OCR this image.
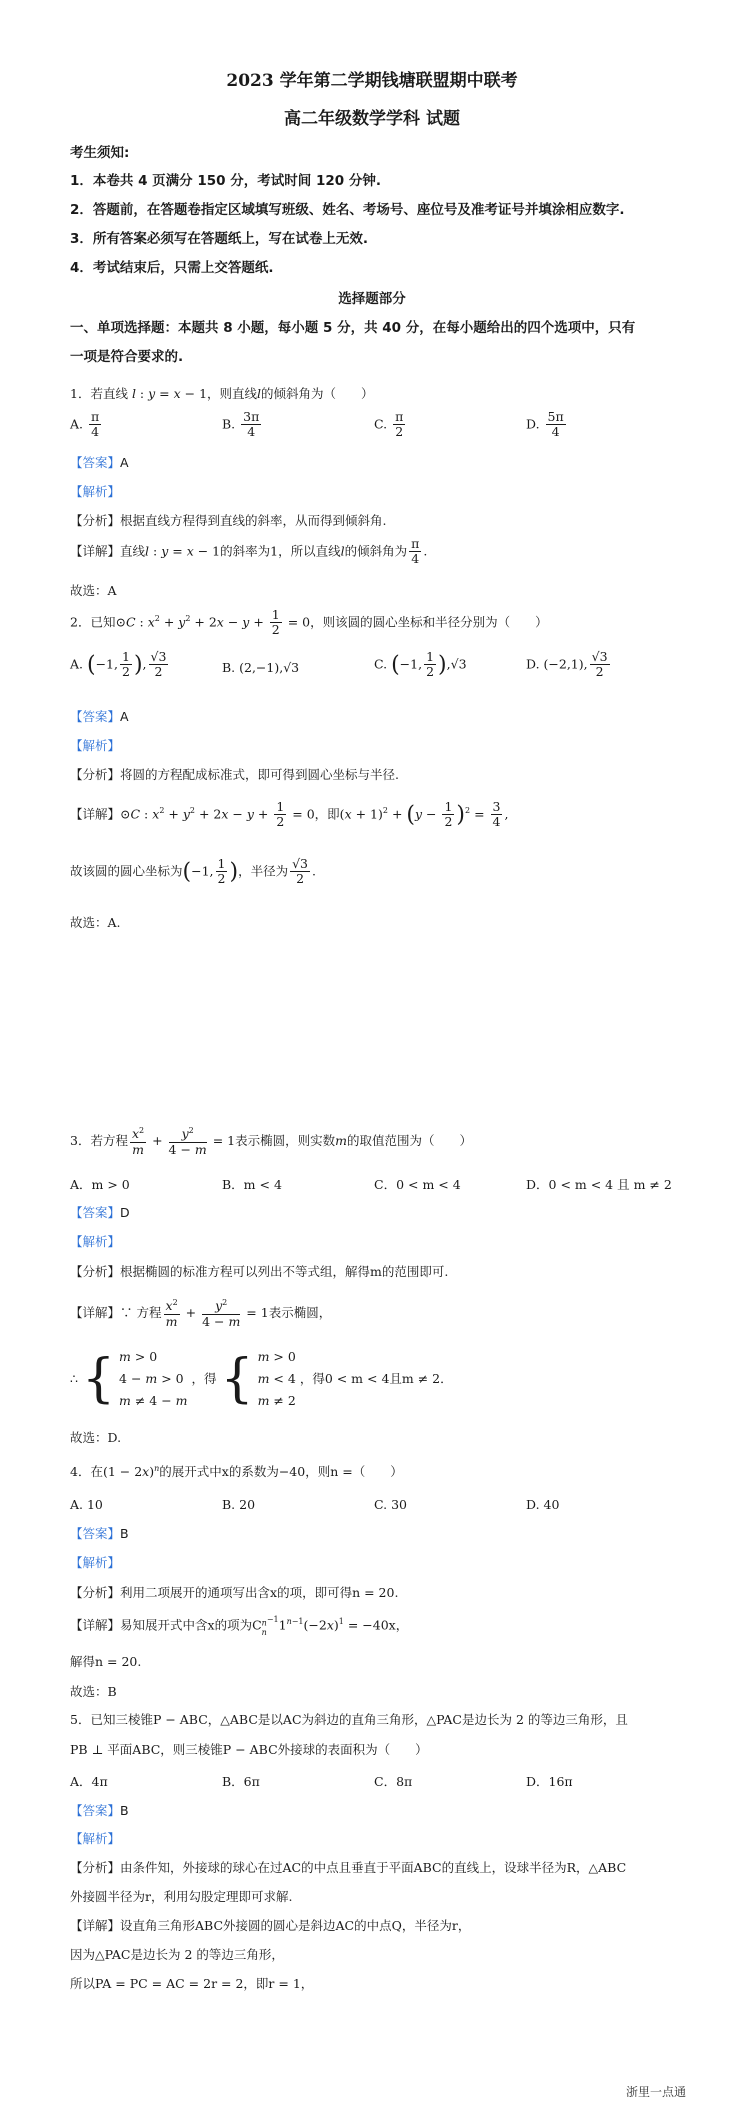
2023 学年第二学期钱塘联盟期中联考
高二年级数学学科 试题
考生须知:
1．本卷共 4 页满分 150 分，考试时间 120 分钟.
2．答题前，在答题卷指定区域填写班级、姓名、考场号、座位号及准考证号并填涂相应数字.
3．所有答案必须写在答题纸上，写在试卷上无效.
4．考试结束后，只需上交答题纸.
选择题部分
一、单项选择题：本题共 8 小题，每小题 5 分，共 40 分，在每小题给出的四个选项中，只有
一项是符合要求的.
1．若直线 l : y = x − 1，则直线l的倾斜角为（　　）
A. $\frac{\pi}{4}$	B. $\frac{3\pi}{4}$	C. $\frac{\pi}{2}$	D. $\frac{5\pi}{4}$
【答案】A
【解析】
【分析】根据直线方程得到直线的斜率，从而得到倾斜角.
【详解】直线l : y = x − 1的斜率为1，所以直线l的倾斜角为 $\frac{\pi}{4}$ .
故选：A
2．已知⊙C : $x^2 + y^2 + 2x - y + \frac{1}{2} = 0$，则该圆的圆心坐标和半径分别为（　　）
A. (−1, $\frac{1}{2}$ ), $\frac{√3}{2}$	B. (2,−1),√3	C. (−1, $\frac{1}{2} ),√3$	D. (−2,1), $\frac{√3}{2}$
【答案】A
【解析】
【分析】将圆的方程配成标准式，即可得到圆心坐标与半径.
【详解】⊙C : $x^2 + y^2 + 2x - y + \frac{1}{2} = 0$，即$(x + 1)^2 + (y - \frac{1}{2} )^2 = \frac{3}{4}$ ,
故该圆的圆心坐标为(−1, $\frac{1}{2}$ )，半径为 $\frac{√3}{2}$ .
故选：A.
3．若方程 $\frac{x^2}{m} + \frac{y^2}{4 - m} = 1$表示椭圆，则实数m的取值范围为（　　）
A．m > 0	B．m < 4	C．0 < m < 4	D．0 < m < 4 且 m ≠ 2
【答案】D
【解析】
【分析】根据椭圆的标准方程可以列出不等式组，解得m的范围即可.
【详解】∵ 方程 $\frac{x^2}{m} + \frac{y^2}{4 - m} = 1$表示椭圆，
∴ { m > 0
4 − m > 0
m ≠ 4 − m ，得 { m > 0
m < 4
m ≠ 2 ，得0 < m < 4且m ≠ 2．
故选：D.
4．在$(1 - 2x)^n$的展开式中x的系数为−40，则n =（　　）
A. 10	B. 20	C. 30	D. 40
【答案】B
【解析】
【分析】利用二项展开的通项写出含x的项，即可得n = 20.
【详解】易知展开式中含x的项为$Cn^{-1}$
n $1^{n-1}(-2x)^1 = -40x$，
解得n = 20.
故选：B
5．已知三棱锥P − ABC，△ABC是以AC为斜边的直角三角形，△PAC是边长为 2 的等边三角形，且
PB ⊥ 平面ABC，则三棱锥P − ABC外接球的表面积为（　　）
A．4π	B．6π	C．8π	D．16π
【答案】B
【解析】
【分析】由条件知，外接球的球心在过AC的中点且垂直于平面ABC的直线上，设球半径为R，△ABC
外接圆半径为r，利用勾股定理即可求解.
【详解】设直角三角形ABC外接圆的圆心是斜边AC的中点Q，半径为r，
因为△PAC是边长为 2 的等边三角形，
所以PA = PC = AC = 2r = 2，即r = 1，
浙里一点通
